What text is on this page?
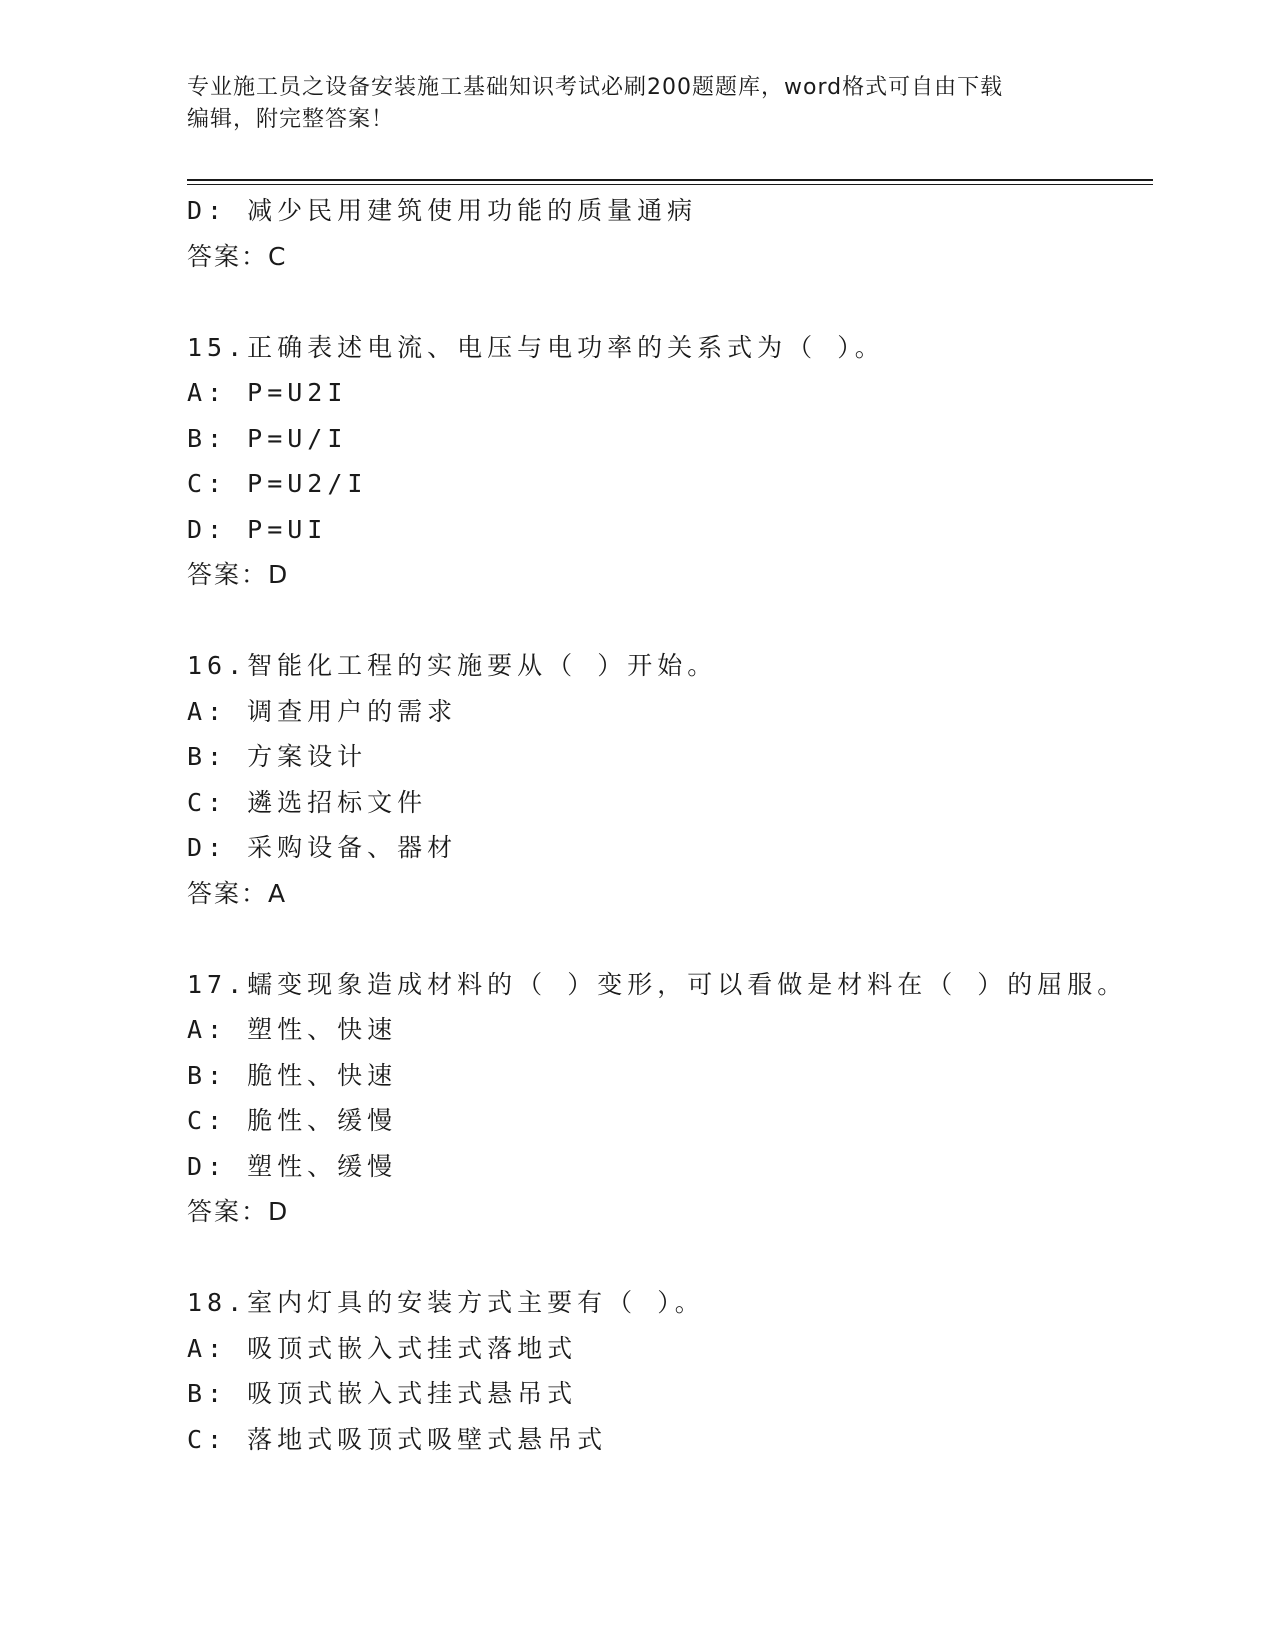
专业施工员之设备安装施工基础知识考试必刷200题题库，word格式可自由下载
编辑，附完整答案！
D: 减少民用建筑使用功能的质量通病
答案：C
15.正确表述电流、电压与电功率的关系式为（ ）。
A: P=U2I
B: P=U/I
C: P=U2/I
D: P=UI
答案：D
16.智能化工程的实施要从（ ）开始。
A: 调查用户的需求
B: 方案设计
C: 遴选招标文件
D: 采购设备、器材
答案：A
17.蠕变现象造成材料的（ ）变形，可以看做是材料在（ ）的屈服。
A: 塑性、快速
B: 脆性、快速
C: 脆性、缓慢
D: 塑性、缓慢
答案：D
18.室内灯具的安装方式主要有（ ）。
A: 吸顶式嵌入式挂式落地式
B: 吸顶式嵌入式挂式悬吊式
C: 落地式吸顶式吸壁式悬吊式
